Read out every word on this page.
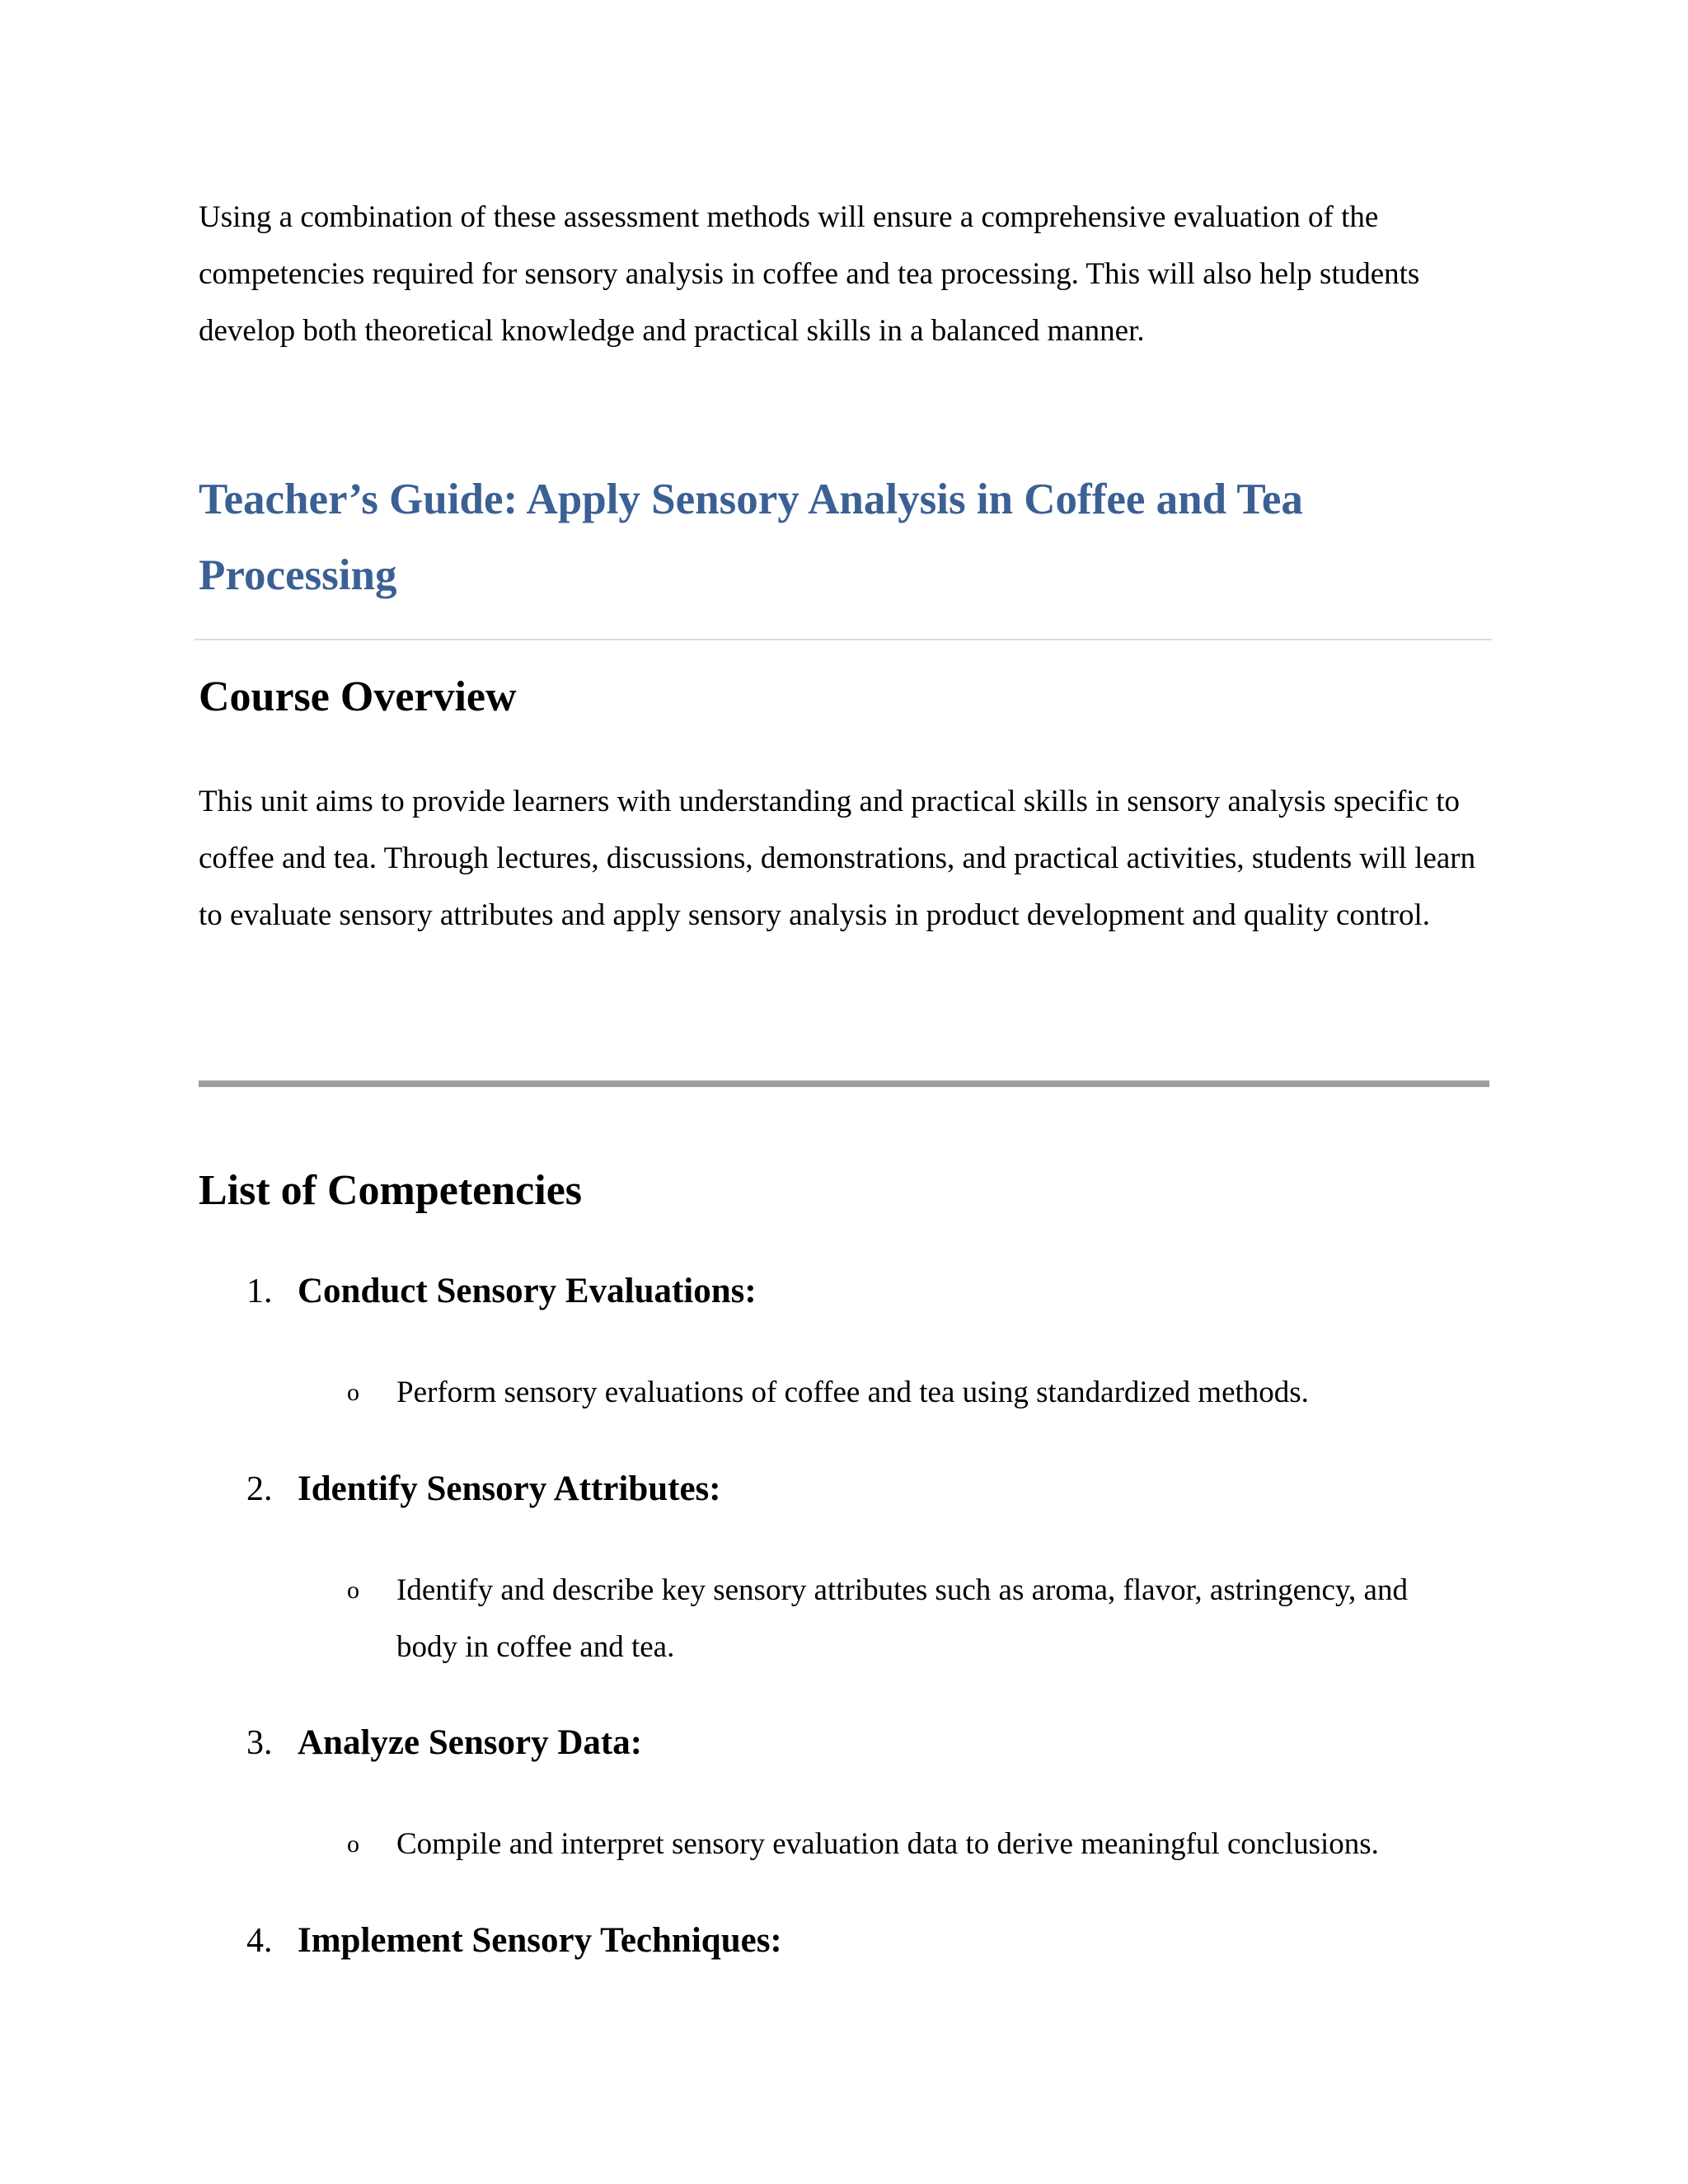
Using a combination of these assessment methods will ensure a comprehensive evaluation of the competencies required for sensory analysis in coffee and tea processing. This will also help students develop both theoretical knowledge and practical skills in a balanced manner.

Teacher’s Guide: Apply Sensory Analysis in Coffee and Tea Processing
Course Overview

This unit aims to provide learners with understanding and practical skills in sensory analysis specific to coffee and tea. Through lectures, discussions, demonstrations, and practical activities, students will learn to evaluate sensory attributes and apply sensory analysis in product development and quality control.

List of Competencies
1. Conduct Sensory Evaluations:
o Perform sensory evaluations of coffee and tea using standardized methods.

2. Identify Sensory Attributes:
o Identify and describe key sensory attributes such as aroma, flavor, astringency, and body in coffee and tea.

3. Analyze Sensory Data:
o Compile and interpret sensory evaluation data to derive meaningful conclusions.

4. Implement Sensory Techniques:
